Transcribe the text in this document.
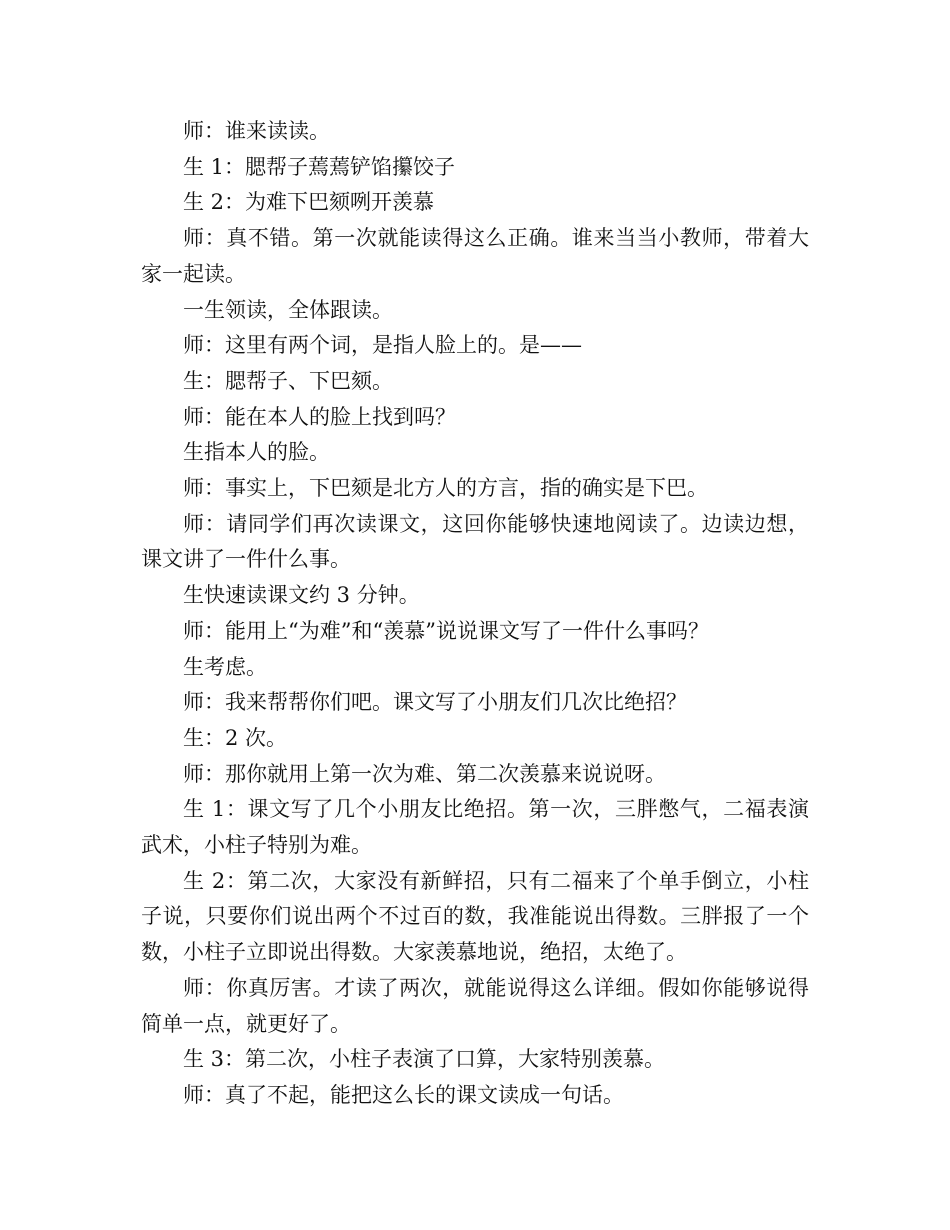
师：谁来读读。

生 1：腮帮子蔫蔫铲馅攥饺子

生 2：为难下巴颏咧开羡慕

师：真不错。第一次就能读得这么正确。谁来当当小教师，带着大家一起读。

一生领读，全体跟读。

师：这里有两个词，是指人脸上的。是——

生：腮帮子、下巴颏。

师：能在本人的脸上找到吗？

生指本人的脸。

师：事实上，下巴颏是北方人的方言，指的确实是下巴。

师：请同学们再次读课文，这回你能够快速地阅读了。边读边想，课文讲了一件什么事。

生快速读课文约 3 分钟。

师：能用上“为难”和“羡慕”说说课文写了一件什么事吗？

生考虑。

师：我来帮帮你们吧。课文写了小朋友们几次比绝招？

生：2 次。

师：那你就用上第一次为难、第二次羡慕来说说呀。

生 1：课文写了几个小朋友比绝招。第一次，三胖憋气，二福表演武术，小柱子特别为难。

生 2：第二次，大家没有新鲜招，只有二福来了个单手倒立，小柱子说，只要你们说出两个不过百的数，我准能说出得数。三胖报了一个数，小柱子立即说出得数。大家羡慕地说，绝招，太绝了。

师：你真厉害。才读了两次，就能说得这么详细。假如你能够说得简单一点，就更好了。

生 3：第二次，小柱子表演了口算，大家特别羡慕。

师：真了不起，能把这么长的课文读成一句话。
